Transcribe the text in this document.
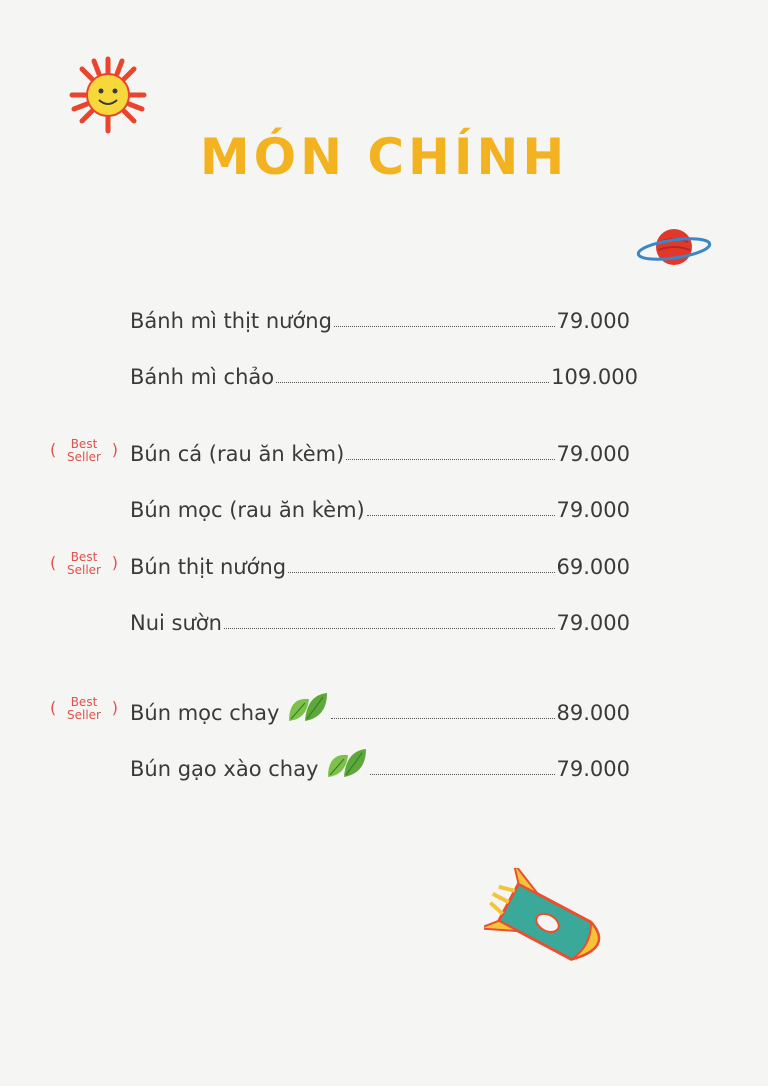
MÓN CHÍNH
(	Best
Seller )
(	Best
Seller )
(	Best
Seller )
Bánh mì thịt nướng	79.000
Bánh mì chảo	109.000
Bún cá (rau ăn kèm)	79.000
Bún mọc (rau ăn kèm)	79.000
Bún thịt nướng	69.000
Nui sườn	79.000
Bún mọc chay	89.000
Bún gạo xào chay	79.000
